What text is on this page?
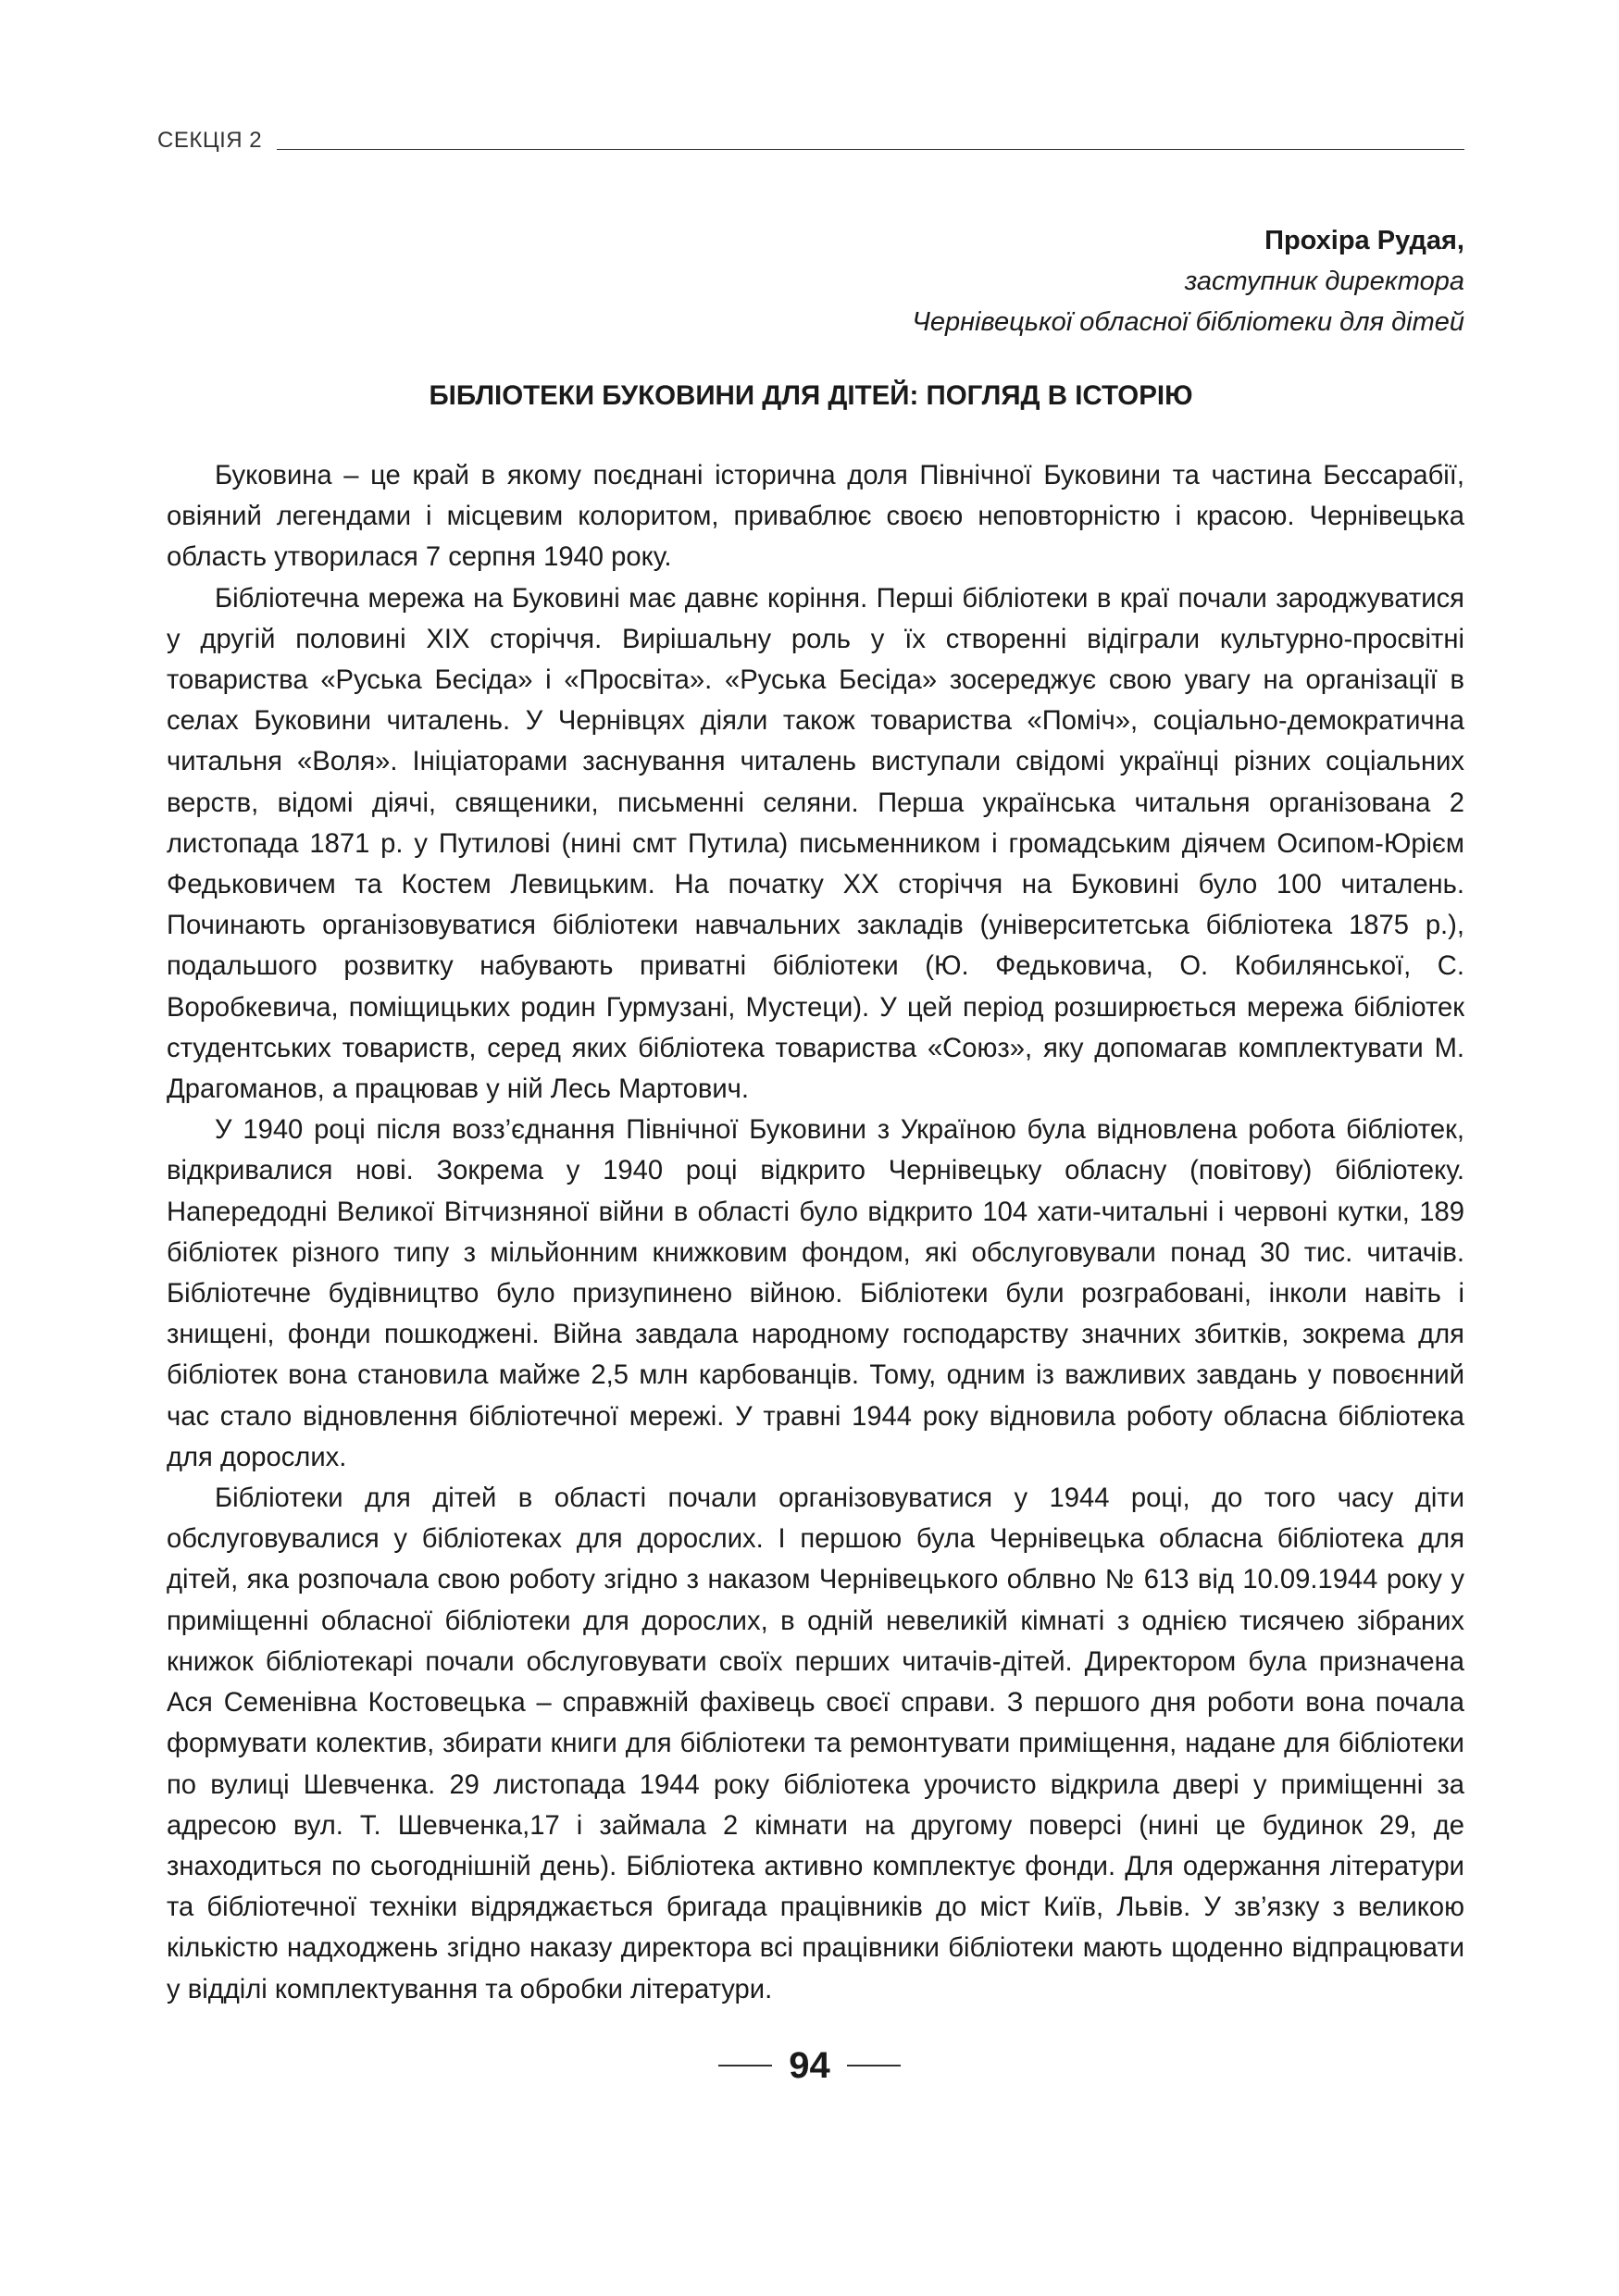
СЕКЦІЯ 2
Прохіра Рудая,
заступник директора
Чернівецької обласної бібліотеки для дітей
БІБЛІОТЕКИ БУКОВИНИ ДЛЯ ДІТЕЙ: ПОГЛЯД В ІСТОРІЮ

Буковина – це край в якому поєднані історична доля Північної Буковини та частина Бессарабії, овіяний легендами і місцевим колоритом, приваблює своєю неповторністю і красою. Чернівецька область утворилася 7 серпня 1940 року.

Бібліотечна мережа на Буковині має давнє коріння. Перші бібліотеки в краї почали зароджуватися у другій половині ХІХ сторіччя. Вирішальну роль у їх створенні відіграли культурно-просвітні товариства «Руська Бесіда» і «Просвіта». «Руська Бесіда» зосереджує свою увагу на організації в селах Буковини читалень. У Чернівцях діяли також товариства «Поміч», соціально-демократична читальня «Воля». Ініціаторами заснування читалень виступали свідомі українці різних соціальних верств, відомі діячі, священики, письменні селяни. Перша українська читальня організована 2 листопада 1871 р. у Путилові (нині смт Путила) письменником і громадським діячем Осипом-Юрієм Федьковичем та Костем Левицьким. На початку ХХ сторіччя на Буковині було 100 читалень. Починають організовуватися бібліотеки навчальних закладів (університетська бібліотека 1875 р.), подальшого розвитку набувають приватні бібліотеки (Ю. Федьковича, О. Кобилянської, С. Воробкевича, поміщицьких родин Гурмузані, Мустеци). У цей період розширюється мережа бібліотек студентських товариств, серед яких бібліотека товариства «Союз», яку допомагав комплектувати М. Драгоманов, а працював у ній Лесь Мартович.

У 1940 році після возз’єднання Північної Буковини з Україною була відновлена робота бібліотек, відкривалися нові. Зокрема у 1940 році відкрито Чернівецьку обласну (повітову) бібліотеку. Напередодні Великої Вітчизняної війни в області було відкрито 104 хати-читальні і червоні кутки, 189 бібліотек різного типу з мільйонним книжковим фондом, які обслуговували понад 30 тис. читачів. Бібліотечне будівництво було призупинено війною. Бібліотеки були розграбовані, інколи навіть і знищені, фонди пошкоджені. Війна завдала народному господарству значних збитків, зокрема для бібліотек вона становила майже 2,5 млн карбованців. Тому, одним із важливих завдань у повоєнний час стало відновлення бібліотечної мережі. У травні 1944 року відновила роботу обласна бібліотека для дорослих.

Бібліотеки для дітей в області почали організовуватися у 1944 році, до того часу діти обслуговувалися у бібліотеках для дорослих. І першою була Чернівецька обласна бібліотека для дітей, яка розпочала свою роботу згідно з наказом Чернівецького облвно № 613 від 10.09.1944 року у приміщенні обласної бібліотеки для дорослих, в одній невеликій кімнаті з однією тисячею зібраних книжок бібліотекарі почали обслуговувати своїх перших читачів-дітей. Директором була призначена Ася Семенівна Костовецька – справжній фахівець своєї справи. З першого дня роботи вона почала формувати колектив, збирати книги для бібліотеки та ремонтувати приміщення, надане для бібліотеки по вулиці Шевченка. 29 листопада 1944 року бібліотека урочисто відкрила двері у приміщенні за адресою вул. Т. Шевченка,17 і займала 2 кімнати на другому поверсі (нині це будинок 29, де знаходиться по сьогоднішній день). Бібліотека активно комплектує фонди. Для одержання літератури та бібліотечної техніки відряджається бригада працівників до міст Київ, Львів. У зв’язку з великою кількістю надходжень згідно наказу директора всі працівники бібліотеки мають щоденно відпрацювати у відділі комплектування та обробки літератури.

94
